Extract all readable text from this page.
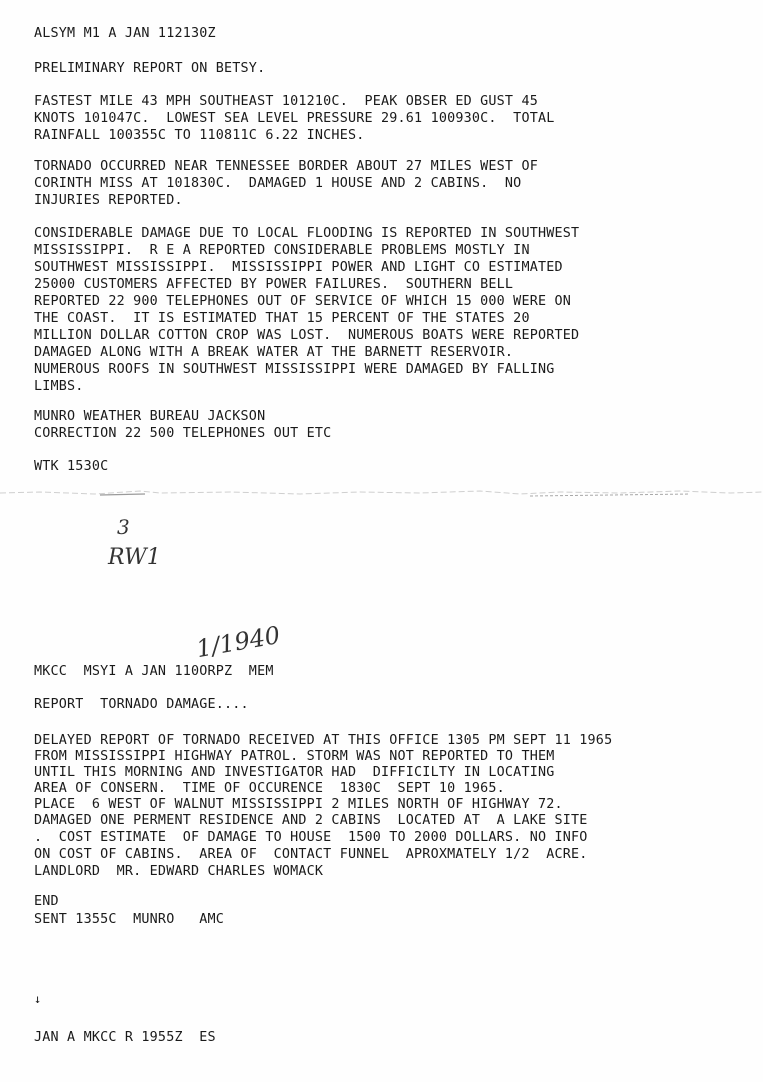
ALSYM M1 A JAN 112130Z
PRELIMINARY REPORT ON BETSY.
FASTEST MILE 43 MPH SOUTHEAST 101210C.  PEAK OBSER ED GUST 45
KNOTS 101047C.  LOWEST SEA LEVEL PRESSURE 29.61 100930C.  TOTAL
RAINFALL 100355C TO 110811C 6.22 INCHES.
TORNADO OCCURRED NEAR TENNESSEE BORDER ABOUT 27 MILES WEST OF
CORINTH MISS AT 101830C.  DAMAGED 1 HOUSE AND 2 CABINS.  NO
INJURIES REPORTED.
CONSIDERABLE DAMAGE DUE TO LOCAL FLOODING IS REPORTED IN SOUTHWEST
MISSISSIPPI.  R E A REPORTED CONSIDERABLE PROBLEMS MOSTLY IN
SOUTHWEST MISSISSIPPI.  MISSISSIPPI POWER AND LIGHT CO ESTIMATED
25000 CUSTOMERS AFFECTED BY POWER FAILURES.  SOUTHERN BELL
REPORTED 22 900 TELEPHONES OUT OF SERVICE OF WHICH 15 000 WERE ON
THE COAST.  IT IS ESTIMATED THAT 15 PERCENT OF THE STATES 20
MILLION DOLLAR COTTON CROP WAS LOST.  NUMEROUS BOATS WERE REPORTED
DAMAGED ALONG WITH A BREAK WATER AT THE BARNETT RESERVOIR.
NUMEROUS ROOFS IN SOUTHWEST MISSISSIPPI WERE DAMAGED BY FALLING
LIMBS.
MUNRO WEATHER BUREAU JACKSON
CORRECTION 22 500 TELEPHONES OUT ETC
WTK 1530C
3
RW1
1/1940
MKCC  MSYI A JAN 110ORPZ  MEM
REPORT  TORNADO DAMAGE....
DELAYED REPORT OF TORNADO RECEIVED AT THIS OFFICE 1305 PM SEPT 11 1965
FROM MISSISSIPPI HIGHWAY PATROL. STORM WAS NOT REPORTED TO THEM
UNTIL THIS MORNING AND INVESTIGATOR HAD  DIFFICILTY IN LOCATING
AREA OF CONSERN.  TIME OF OCCURENCE  1830C  SEPT 10 1965.
PLACE  6 WEST OF WALNUT MISSISSIPPI 2 MILES NORTH OF HIGHWAY 72.
DAMAGED ONE PERMENT RESIDENCE AND 2 CABINS  LOCATED AT  A LAKE SITE
.  COST ESTIMATE  OF DAMAGE TO HOUSE  1500 TO 2000 DOLLARS. NO INFO
ON COST OF CABINS.  AREA OF  CONTACT FUNNEL  APROXMATELY 1/2  ACRE.
LANDLORD  MR. EDWARD CHARLES WOMACK
END
SENT 1355C  MUNRO   AMC
↓
JAN A MKCC R 1955Z  ES
